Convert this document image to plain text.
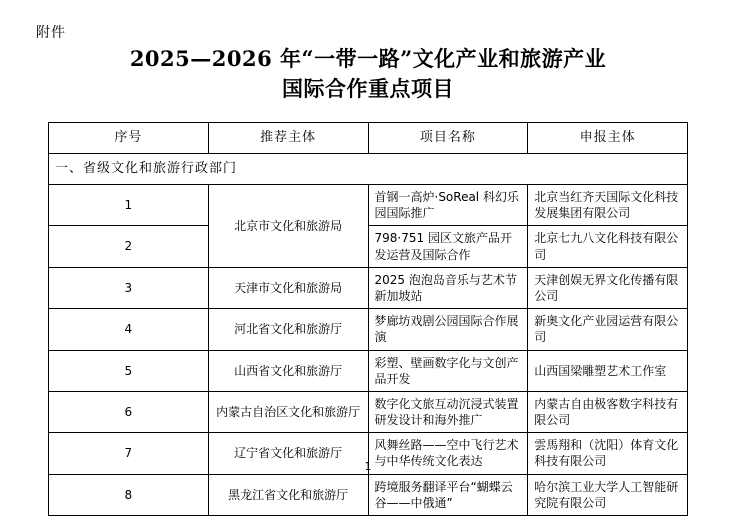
附件
2025—2026 年“一带一路”文化产业和旅游产业
国际合作重点项目
序号	推荐主体	项目名称	申报主体
一、省级文化和旅游行政部门			
1	北京市文化和旅游局	首钢一高炉·SoReal 科幻乐园国际推广	北京当红齐天国际文化科技发展集团有限公司
2		798·751 园区文旅产品开发运营及国际合作	北京七九八文化科技有限公司
3	天津市文化和旅游局	2025 泡泡岛音乐与艺术节新加坡站	天津创娱无界文化传播有限公司
4	河北省文化和旅游厅	梦廊坊戏剧公园国际合作展演	新奥文化产业园运营有限公司
5	山西省文化和旅游厅	彩塑、壁画数字化与文创产品开发	山西国梁雕塑艺术工作室
6	内蒙古自治区文化和旅游厅	数字化文旅互动沉浸式装置研发设计和海外推广	内蒙古自由极客数字科技有限公司
7	辽宁省文化和旅游厅	风舞丝路——空中飞行艺术与中华传统文化表达	雲馬翔和（沈阳）体育文化科技有限公司
8	黑龙江省文化和旅游厅	跨境服务翻译平台“蝴蝶云谷——中俄通”	哈尔滨工业大学人工智能研究院有限公司
1
